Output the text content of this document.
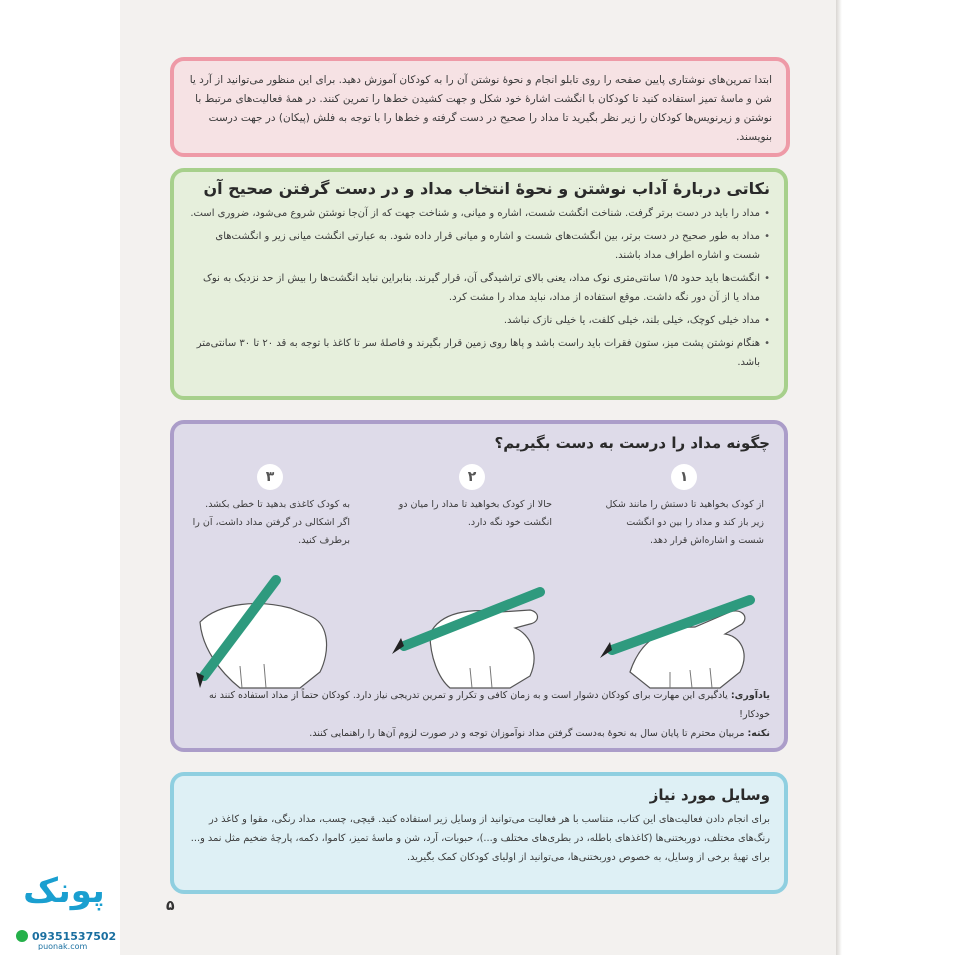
ابتدا تمرین‌های نوشتاری پایین صفحه را روی تابلو انجام و نحوهٔ نوشتن آن را به کودکان آموزش دهید. برای این منظور می‌توانید از آرد یا شن و ماسهٔ تمیز استفاده کنید تا کودکان با انگشت اشارهٔ خود شکل و جهت کشیدن خط‌ها را تمرین کنند. در همهٔ فعالیت‌های مرتبط با نوشتن و زیرنویس‌ها کودکان را زیر نظر بگیرید تا مداد را صحیح در دست گرفته و خط‌ها را با توجه به فلش (پیکان) در جهت درست بنویسند.
نکاتی دربارهٔ آداب نوشتن و نحوهٔ انتخاب مداد و در دست گرفتن صحیح آن
• مداد را باید در دست برتر گرفت. شناخت انگشت شست، اشاره و میانی، و شناخت جهت که از آن‌جا نوشتن شروع می‌شود، ضروری است.
• مداد به طور صحیح در دست برتر، بین انگشت‌های شست و اشاره و میانی قرار داده شود. به عبارتی انگشت میانی زیر و انگشت‌های شست و اشاره اطراف مداد باشند.
• انگشت‌ها باید حدود ۱/۵ سانتی‌متری نوک مداد، یعنی بالای تراشیدگی آن، قرار گیرند. بنابراین نباید انگشت‌ها را بیش از حد نزدیک به نوک مداد یا از آن دور نگه داشت. موقع استفاده از مداد، نباید مداد را مشت کرد.
• مداد خیلی کوچک، خیلی بلند، خیلی کلفت، یا خیلی نازک نباشد.
• هنگام نوشتن پشت میز، ستون فقرات باید راست باشد و پاها روی زمین قرار بگیرند و فاصلهٔ سر تا کاغذ با توجه به قد ۲۰ تا ۳۰ سانتی‌متر باشد.
چگونه مداد را درست به دست بگیریم؟
۱
از کودک بخواهید تا دستش را مانند شکل زیر باز کند و مداد را بین دو انگشت شست و اشاره‌اش قرار دهد.
۲
حالا از کودک بخواهید تا مداد را میان دو انگشت خود نگه دارد.
۳
به کودک کاغذی بدهید تا خطی بکشد. اگر اشکالی در گرفتن مداد داشت، آن را برطرف کنید.
یادآوری: یادگیری این مهارت برای کودکان دشوار است و به زمان کافی و تکرار و تمرین تدریجی نیاز دارد. کودکان حتماً از مداد استفاده کنند نه خودکار!
نکته: مربیان محترم تا پایان سال به نحوهٔ به‌دست گرفتن مداد نوآموزان توجه و در صورت لزوم آن‌ها را راهنمایی کنند.
وسایل مورد نیاز
برای انجام دادن فعالیت‌های این کتاب، متناسب با هر فعالیت می‌توانید از وسایل زیر استفاده کنید. قیچی، چسب، مداد رنگی، مقوا و کاغذ در رنگ‌های مختلف، دوربختنی‌ها (کاغذهای باطله، در بطری‌های مختلف و...)، حبوبات، آرد، شن و ماسهٔ تمیز، کاموا، دکمه، پارچهٔ ضخیم مثل نمد و... برای تهیهٔ برخی از وسایل، به خصوص دوربختنی‌ها، می‌توانید از اولیای کودکان کمک بگیرید.
۵
پونک
09351537502
puonak.com
